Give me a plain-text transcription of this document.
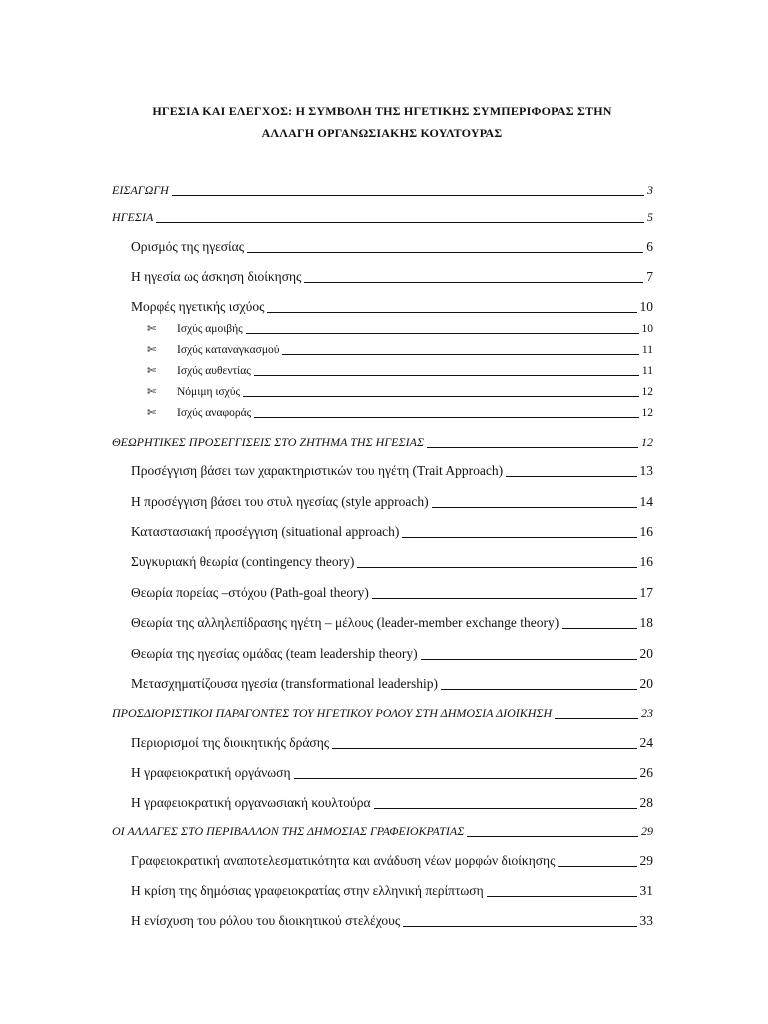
ΗΓΕΣΙΑ ΚΑΙ ΕΛΕΓΧΟΣ: Η ΣΥΜΒΟΛΗ ΤΗΣ ΗΓΕΤΙΚΗΣ ΣΥΜΠΕΡΙΦΟΡΑΣ ΣΤΗΝ
ΑΛΛΑΓΗ ΟΡΓΑΝΩΣΙΑΚΗΣ ΚΟΥΛΤΟΥΡΑΣ
ΕΙΣΑΓΩΓΗ	3
ΗΓΕΣΙΑ	5
Ορισμός της ηγεσίας	6
Η ηγεσία ως άσκηση διοίκησης	7
Μορφές ηγετικής ισχύος	10
✄	Ισχύς αμοιβής	10
✄	Ισχύς καταναγκασμού	11
✄	Ισχύς αυθεντίας	11
✄	Νόμιμη ισχύς	12
✄	Ισχύς αναφοράς	12
ΘΕΩΡΗΤΙΚΕΣ ΠΡΟΣΕΓΓΙΣΕΙΣ ΣΤΟ ΖΗΤΗΜΑ ΤΗΣ ΗΓΕΣΙΑΣ	12
Προσέγγιση βάσει των χαρακτηριστικών του ηγέτη (Trait Approach)	13
Η προσέγγιση βάσει του στυλ ηγεσίας (style approach)	14
Καταστασιακή προσέγγιση (situational approach)	16
Συγκυριακή θεωρία (contingency theory)	16
Θεωρία πορείας –στόχου (Path-goal theory)	17
Θεωρία της αλληλεπίδρασης ηγέτη – μέλους (leader-member exchange theory)	18
Θεωρία της ηγεσίας ομάδας (team leadership theory)	20
Μετασχηματίζουσα ηγεσία (transformational leadership)	20
ΠΡΟΣΔΙΟΡΙΣΤΙΚΟΙ ΠΑΡΑΓΟΝΤΕΣ ΤΟΥ ΗΓΕΤΙΚΟΥ ΡΟΛΟΥ ΣΤΗ ΔΗΜΟΣΙΑ ΔΙΟΙΚΗΣΗ	23
Περιορισμοί της διοικητικής δράσης	24
Η γραφειοκρατική οργάνωση	26
Η γραφειοκρατική οργανωσιακή κουλτούρα	28
ΟΙ ΑΛΛΑΓΕΣ ΣΤΟ ΠΕΡΙΒΑΛΛΟΝ ΤΗΣ ΔΗΜΟΣΙΑΣ ΓΡΑΦΕΙΟΚΡΑΤΙΑΣ	29
Γραφειοκρατική αναποτελεσματικότητα και ανάδυση νέων μορφών διοίκησης	29
Η κρίση της δημόσιας γραφειοκρατίας στην ελληνική περίπτωση	31
Η ενίσχυση του ρόλου του διοικητικού στελέχους	33
